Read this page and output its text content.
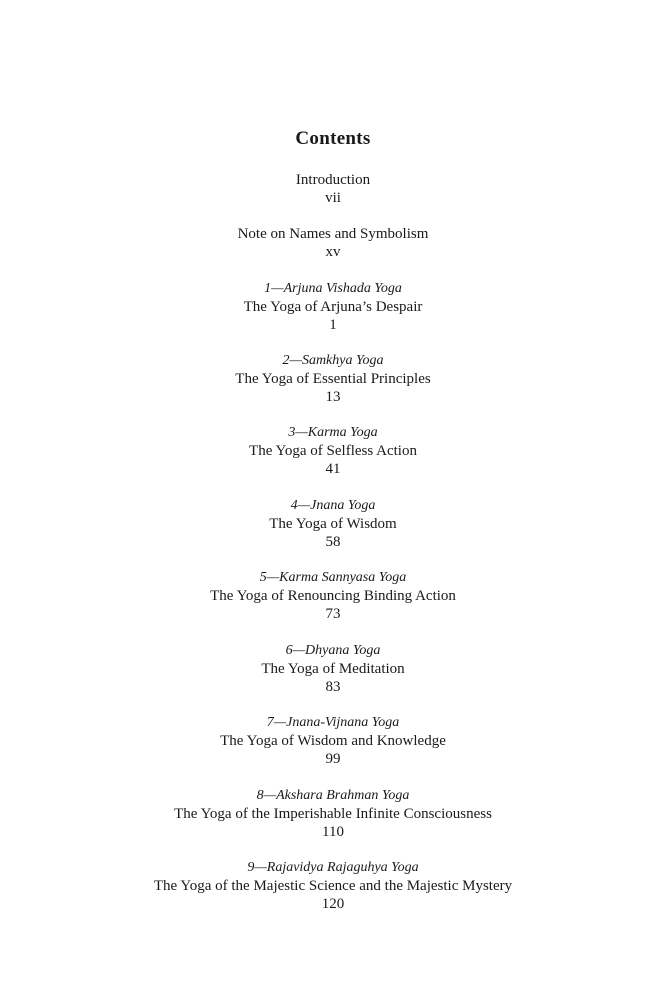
Contents
Introduction
vii
Note on Names and Symbolism
xv
1—Arjuna Vishada Yoga
The Yoga of Arjuna’s Despair
1
2—Samkhya Yoga
The Yoga of Essential Principles
13
3—Karma Yoga
The Yoga of Selfless Action
41
4—Jnana Yoga
The Yoga of Wisdom
58
5—Karma Sannyasa Yoga
The Yoga of Renouncing Binding Action
73
6—Dhyana Yoga
The Yoga of Meditation
83
7—Jnana-Vijnana Yoga
The Yoga of Wisdom and Knowledge
99
8—Akshara Brahman Yoga
The Yoga of the Imperishable Infinite Consciousness
110
9—Rajavidya Rajaguhya Yoga
The Yoga of the Majestic Science and the Majestic Mystery
120
